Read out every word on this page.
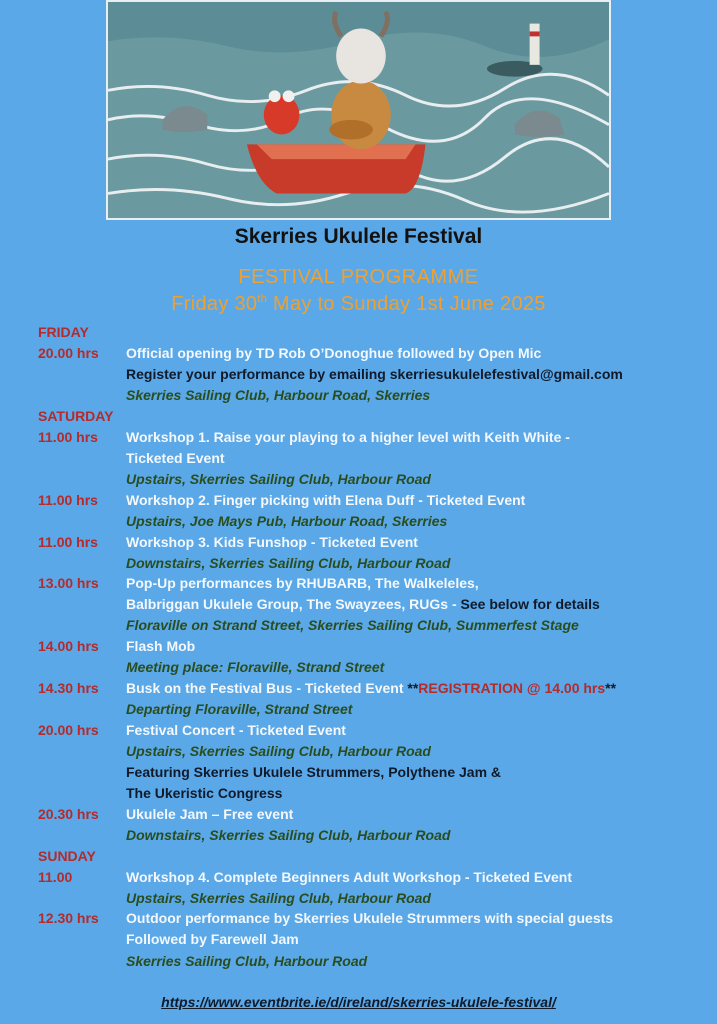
Skerries Ukulele Festival
FESTIVAL PROGRAMME
Friday 30th May to Sunday 1st June 2025
FRIDAY
20.00 hrs Official opening by TD Rob O’Donoghue followed by Open Mic
Register your performance by emailing skerriesukulelefestival@gmail.com
Skerries Sailing Club, Harbour Road, Skerries
SATURDAY
11.00 hrs Workshop 1. Raise your playing to a higher level with Keith White -
Ticketed Event
Upstairs, Skerries Sailing Club, Harbour Road
11.00 hrs Workshop 2. Finger picking with Elena Duff - Ticketed Event
Upstairs, Joe Mays Pub, Harbour Road, Skerries
11.00 hrs Workshop 3. Kids Funshop - Ticketed Event
Downstairs, Skerries Sailing Club, Harbour Road
13.00 hrs Pop-Up performances by RHUBARB, The Walkeleles,
Balbriggan Ukulele Group, The Swayzees, RUGs - See below for details
Floraville on Strand Street, Skerries Sailing Club, Summerfest Stage
14.00 hrs Flash Mob
Meeting place: Floraville, Strand Street
14.30 hrs Busk on the Festival Bus - Ticketed Event **REGISTRATION @ 14.00 hrs**
Departing Floraville, Strand Street
20.00 hrs Festival Concert - Ticketed Event
Upstairs, Skerries Sailing Club, Harbour Road
Featuring Skerries Ukulele Strummers, Polythene Jam &
The Ukeristic Congress
20.30 hrs Ukulele Jam – Free event
Downstairs, Skerries Sailing Club, Harbour Road
SUNDAY
11.00	Workshop 4. Complete Beginners Adult Workshop - Ticketed Event
Upstairs, Skerries Sailing Club, Harbour Road
12.30 hrs Outdoor performance by Skerries Ukulele Strummers with special guests
Followed by Farewell Jam
Skerries Sailing Club, Harbour Road
https://www.eventbrite.ie/d/ireland/skerries-ukulele-festival/
